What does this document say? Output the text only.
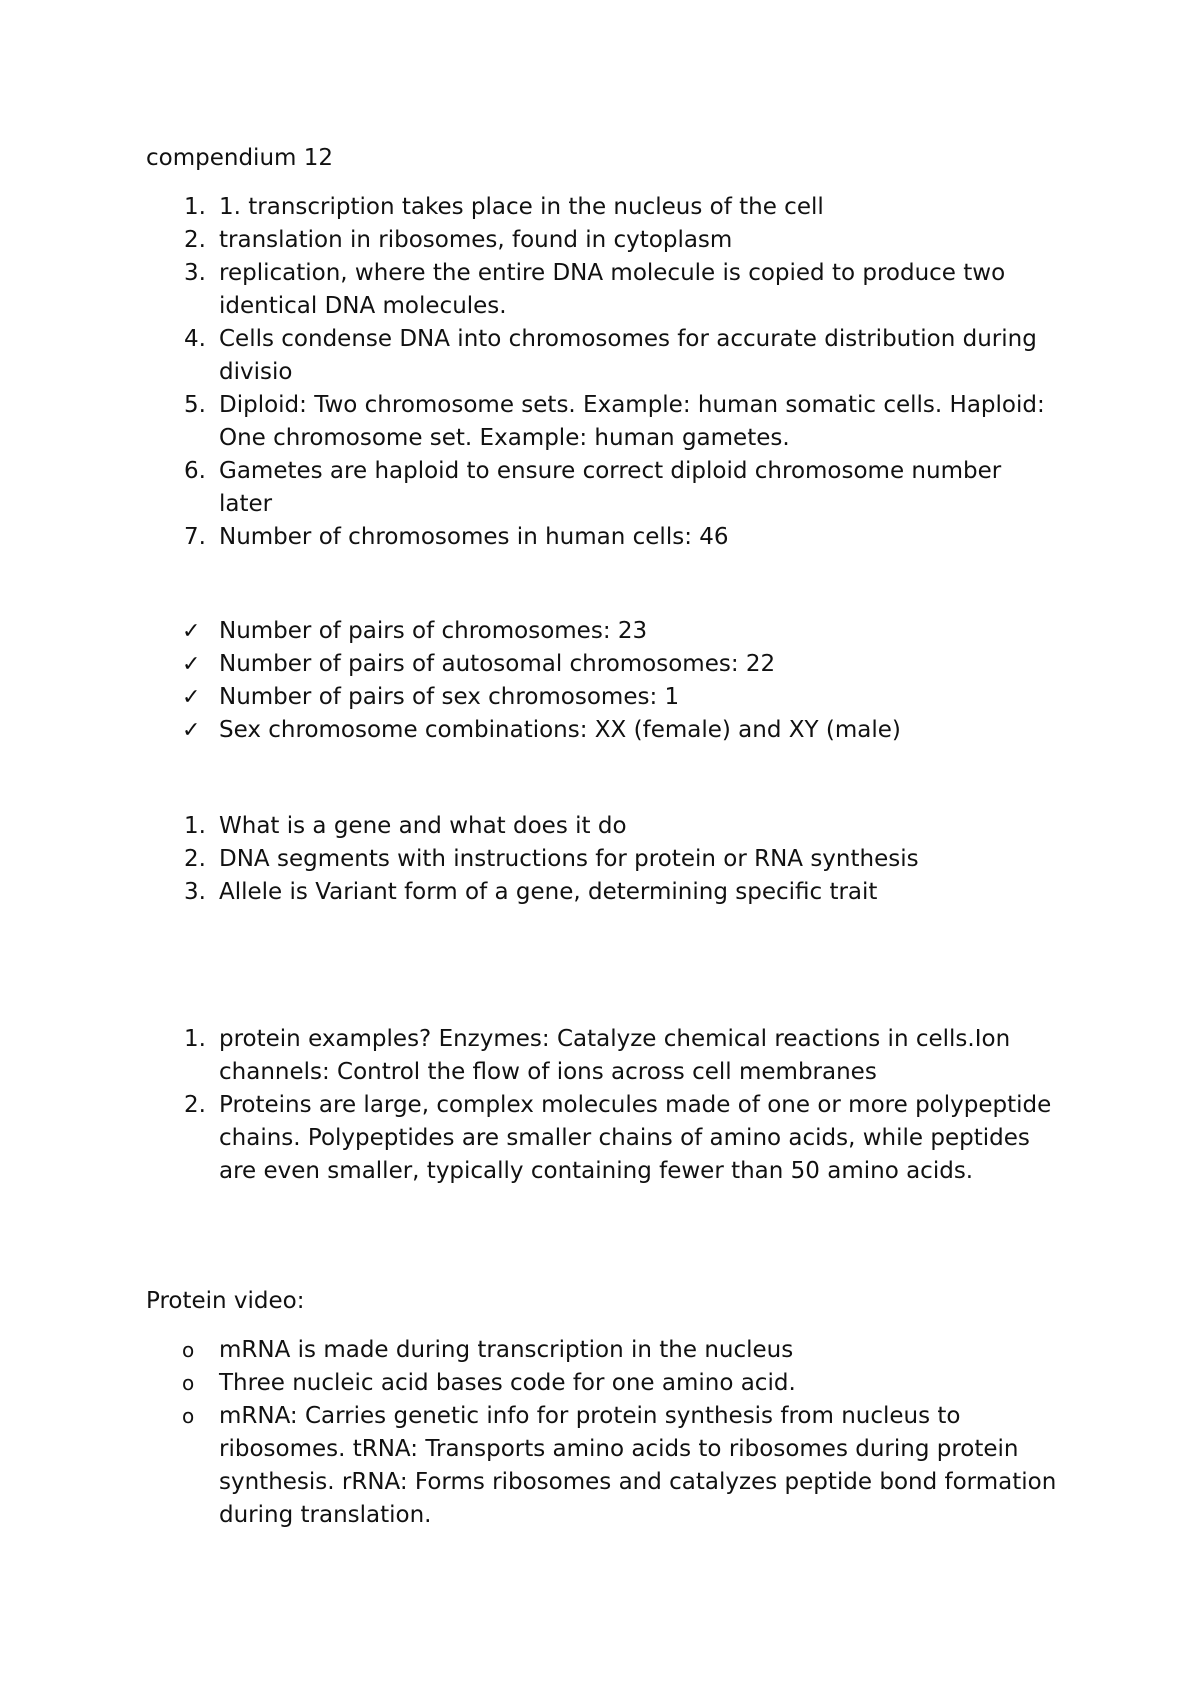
compendium 12

1. 1. transcription takes place in the nucleus of the cell
2. translation in ribosomes, found in cytoplasm
3. replication, where the entire DNA molecule is copied to produce two identical DNA molecules.
4. Cells condense DNA into chromosomes for accurate distribution during divisio
5. Diploid: Two chromosome sets. Example: human somatic cells. Haploid: One chromosome set. Example: human gametes.
6. Gametes are haploid to ensure correct diploid chromosome number later
7. Number of chromosomes in human cells: 46
✓ Number of pairs of chromosomes: 23
✓ Number of pairs of autosomal chromosomes: 22
✓ Number of pairs of sex chromosomes: 1
✓ Sex chromosome combinations: XX (female) and XY (male)
1. What is a gene and what does it do
2. DNA segments with instructions for protein or RNA synthesis
3. Allele is Variant form of a gene, determining specific trait
1. protein examples? Enzymes: Catalyze chemical reactions in cells.Ion channels: Control the flow of ions across cell membranes
2. Proteins are large, complex molecules made of one or more polypeptide chains. Polypeptides are smaller chains of amino acids, while peptides are even smaller, typically containing fewer than 50 amino acids.

Protein video:

o	mRNA is made during transcription in the nucleus
o	Three nucleic acid bases code for one amino acid.
o	mRNA: Carries genetic info for protein synthesis from nucleus to ribosomes. tRNA: Transports amino acids to ribosomes during protein synthesis. rRNA: Forms ribosomes and catalyzes peptide bond formation during translation.
